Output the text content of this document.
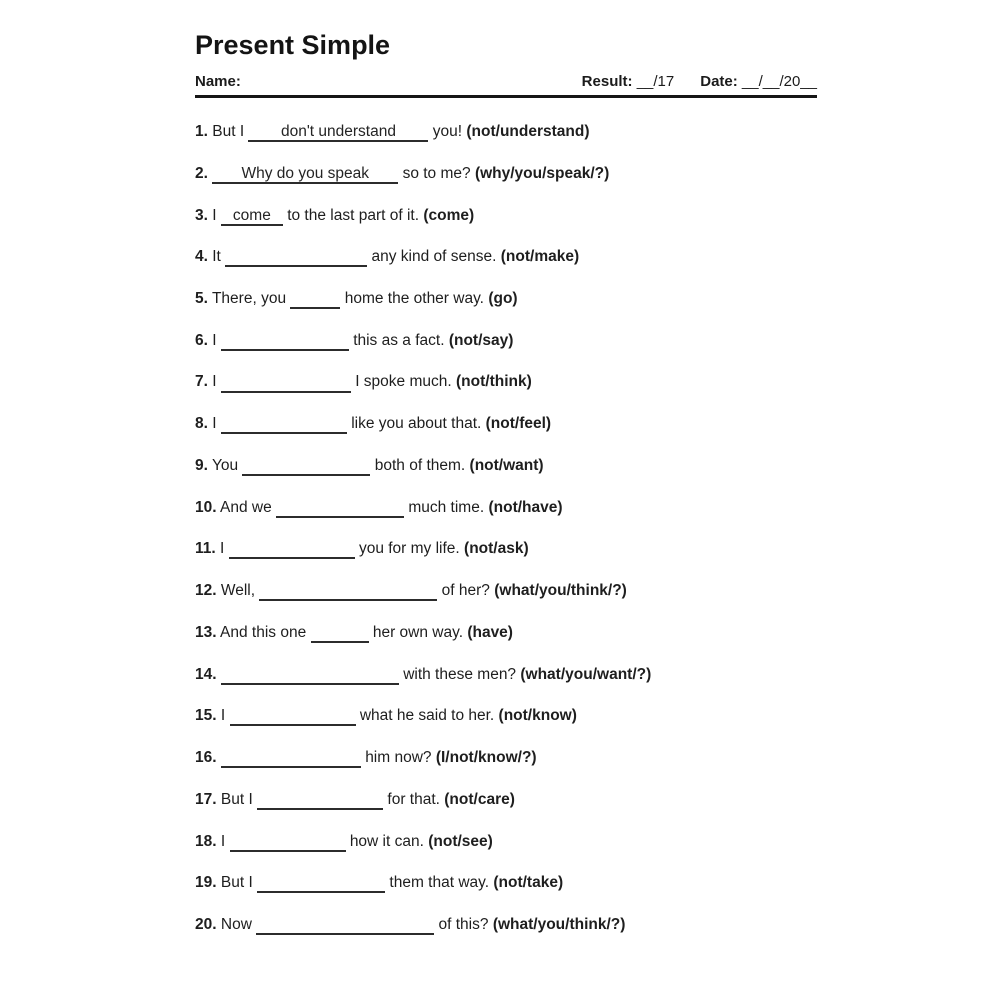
Present Simple
Name:	Result: __/17 Date: __/__/20__
1. But I don't understand you! (not/understand)
2. Why do you speak so to me? (why/you/speak/?)
3. I come to the last part of it. (come)
4. It	any kind of sense. (not/make)
5. There, you	home the other way. (go)
6. I	this as a fact. (not/say)
7. I	I spoke much. (not/think)
8. I	like you about that. (not/feel)
9. You	both of them. (not/want)
10. And we	much time. (not/have)
11. I	you for my life. (not/ask)
12. Well,	of her? (what/you/think/?)
13. And this one	her own way. (have)
14.	with these men? (what/you/want/?)
15. I	what he said to her. (not/know)
16.	him now? (I/not/know/?)
17. But I	for that. (not/care)
18. I	how it can. (not/see)
19. But I	them that way. (not/take)
20. Now	of this? (what/you/think/?)
